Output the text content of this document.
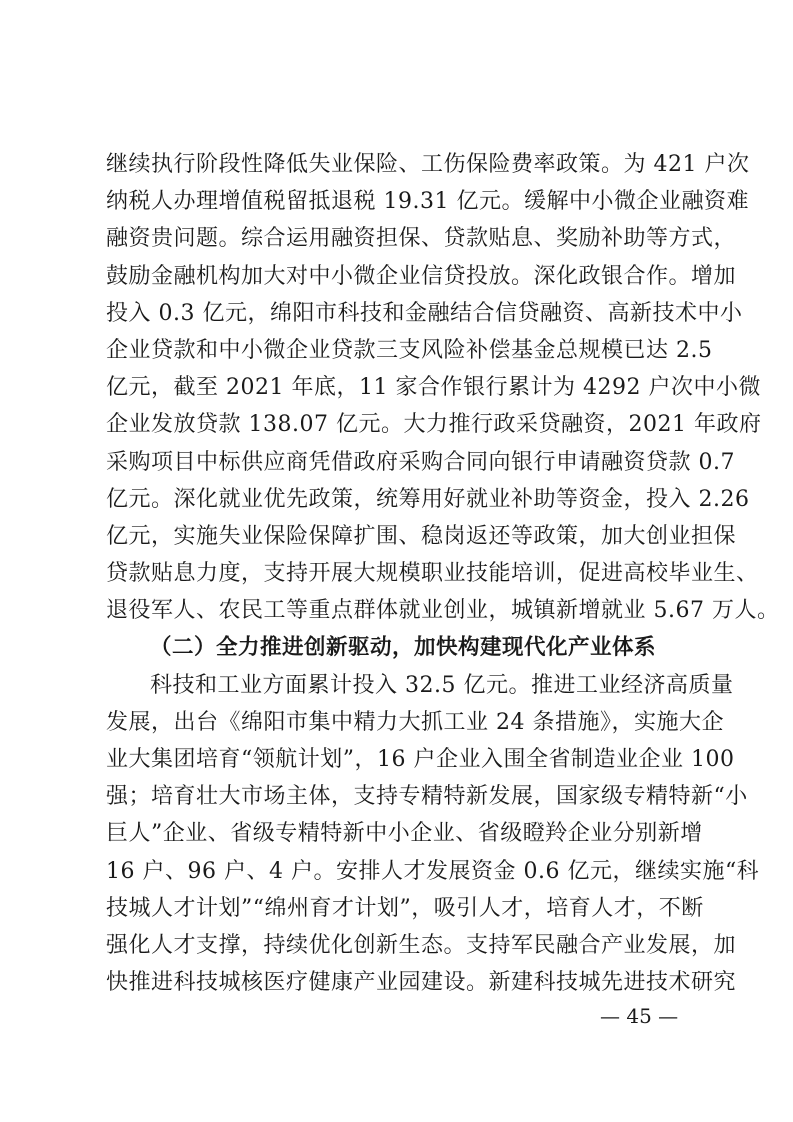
继续执行阶段性降低失业保险、工伤保险费率政策。为 421 户次
纳税人办理增值税留抵退税 19.31 亿元。缓解中小微企业融资难
融资贵问题。综合运用融资担保、贷款贴息、奖励补助等方式，
鼓励金融机构加大对中小微企业信贷投放。深化政银合作。增加
投入 0.3 亿元，绵阳市科技和金融结合信贷融资、高新技术中小
企业贷款和中小微企业贷款三支风险补偿基金总规模已达 2.5
亿元，截至 2021 年底，11 家合作银行累计为 4292 户次中小微
企业发放贷款 138.07 亿元。大力推行政采贷融资，2021 年政府
采购项目中标供应商凭借政府采购合同向银行申请融资贷款 0.7
亿元。深化就业优先政策，统筹用好就业补助等资金，投入 2.26
亿元，实施失业保险保障扩围、稳岗返还等政策，加大创业担保
贷款贴息力度，支持开展大规模职业技能培训，促进高校毕业生、
退役军人、农民工等重点群体就业创业，城镇新增就业 5.67 万人。
（二）全力推进创新驱动，加快构建现代化产业体系
科技和工业方面累计投入 32.5 亿元。推进工业经济高质量
发展，出台《绵阳市集中精力大抓工业 24 条措施》，实施大企
业大集团培育“领航计划”，16 户企业入围全省制造业企业 100
强；培育壮大市场主体，支持专精特新发展，国家级专精特新“小
巨人”企业、省级专精特新中小企业、省级瞪羚企业分别新增
16 户、96 户、4 户。安排人才发展资金 0.6 亿元，继续实施“科
技城人才计划”“绵州育才计划”，吸引人才，培育人才，不断
强化人才支撑，持续优化创新生态。支持军民融合产业发展，加
快推进科技城核医疗健康产业园建设。新建科技城先进技术研究
— 45 —
